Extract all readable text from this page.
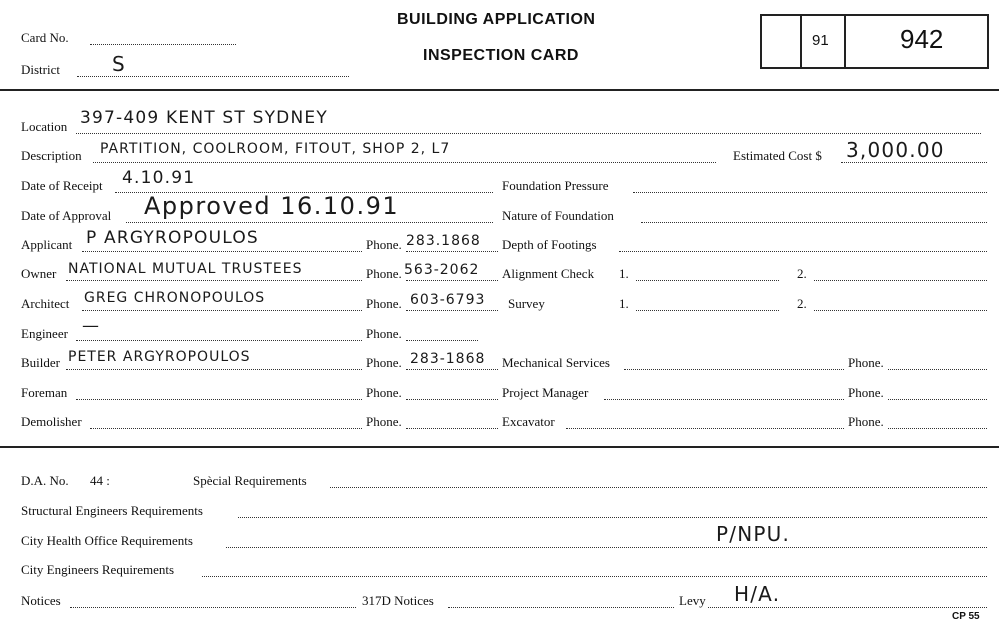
Card No.
District	S
BUILDING APPLICATION
INSPECTION CARD
91	942
Location 397-409 KENT ST SYDNEY
Description PARTITION, COOLROOM, FITOUT, SHOP 2, L7	Estimated Cost $ 3,000.00
Date of Receipt 4.10.91	Foundation Pressure
Date of Approval Approved 16.10.91	Nature of Foundation
Applicant P ARGYROPOULOS	Phone. 283.1868 Depth of Footings
Owner NATIONAL MUTUAL TRUSTEES	Phone. 563-2062 Alignment Check 1.	2.
Architect GREG CHRONOPOULOS	Phone. 603-6793 Survey	1.	2.
Engineer —	Phone.
Builder PETER ARGYROPOULOS	Phone. 283-1868 Mechanical Services	Phone.
Foreman	Phone.	Project Manager	Phone.
Demolisher	Phone.	Excavator	Phone.
D.A. No. 44 :	Spècial Requirements
Structural Engineers Requirements
City Health Office Requirements	P/NPU.
City Engineers Requirements
Notices	317D Notices	Levy H/A.
CP 55
